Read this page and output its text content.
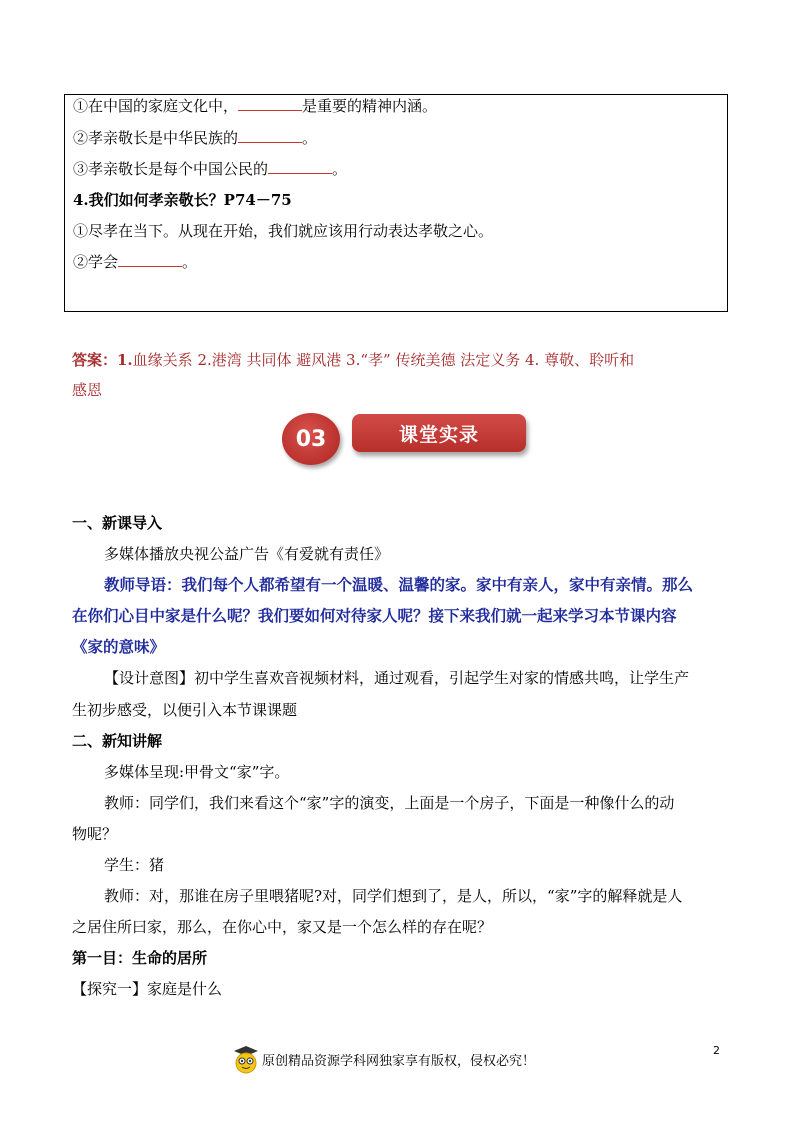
①在中国的家庭文化中，	是重要的精神内涵。
②孝亲敬长是中华民族的	。
③孝亲敬长是每个中国公民的	。
4.我们如何孝亲敬长？P74－75
①尽孝在当下。从现在开始，我们就应该用行动表达孝敬之心。
②学会	。
答案：1.血缘关系 2.港湾 共同体 避风港 3.“孝” 传统美德 法定义务 4. 尊敬、聆听和
感恩
03	课堂实录
一、新课导入
多媒体播放央视公益广告《有爱就有责任》
教师导语：我们每个人都希望有一个温暖、温馨的家。家中有亲人，家中有亲情。那么
在你们心目中家是什么呢？我们要如何对待家人呢？接下来我们就一起来学习本节课内容
《家的意味》
【设计意图】初中学生喜欢音视频材料，通过观看，引起学生对家的情感共鸣，让学生产
生初步感受，以便引入本节课课题
二、新知讲解
多媒体呈现:甲骨文“家”字。
教师：同学们，我们来看这个“家”字的演变，上面是一个房子，下面是一种像什么的动
物呢？
学生：猪
教师：对，那谁在房子里喂猪呢?对，同学们想到了，是人，所以，“家”字的解释就是人
之居住所曰家，那么，在你心中，家又是一个怎么样的存在呢？
第一目：生命的居所
【探究一】家庭是什么
原创精品资源学科网独家享有版权，侵权必究！
2
